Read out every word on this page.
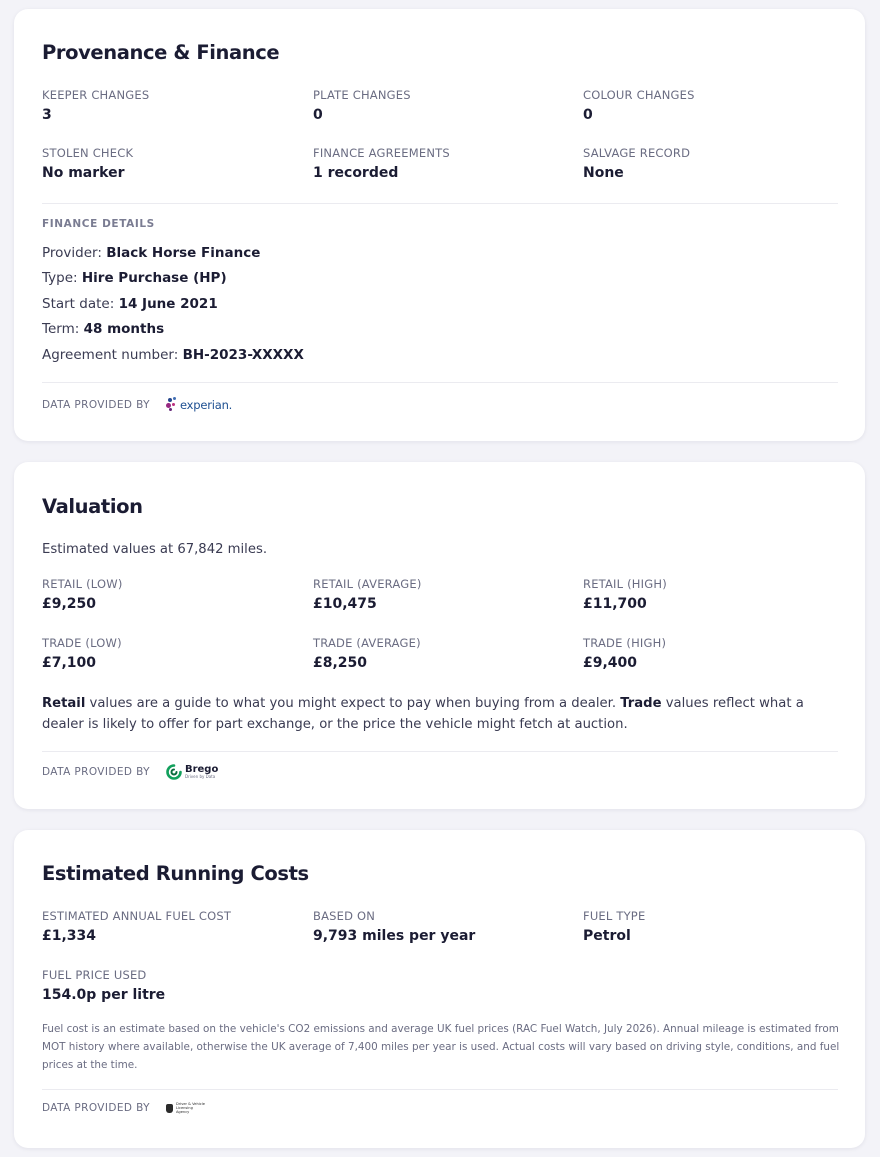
Provenance & Finance
KEEPER CHANGES
3
PLATE CHANGES
0
COLOUR CHANGES
0
STOLEN CHECK
No marker
FINANCE AGREEMENTS
1 recorded
SALVAGE RECORD
None
FINANCE DETAILS
Provider: Black Horse Finance
Type: Hire Purchase (HP)
Start date: 14 June 2021
Term: 48 months
Agreement number: BH-2023-XXXXX
DATA PROVIDED BY	experian.
Valuation
Estimated values at 67,842 miles.
RETAIL (LOW)
£9,250
RETAIL (AVERAGE)
£10,475
RETAIL (HIGH)
£11,700
TRADE (LOW)
£7,100
TRADE (AVERAGE)
£8,250
TRADE (HIGH)
£9,400
Retail values are a guide to what you might expect to pay when buying from a dealer. Trade values reflect what a dealer is likely to offer for part exchange, or the price the vehicle might fetch at auction.
DATA PROVIDED BY	Brego
Driven by Data
Estimated Running Costs
ESTIMATED ANNUAL FUEL COST
£1,334
BASED ON
9,793 miles per year
FUEL TYPE
Petrol
FUEL PRICE USED
154.0p per litre
Fuel cost is an estimate based on the vehicle's CO2 emissions and average UK fuel prices (RAC Fuel Watch, July 2026). Annual mileage is estimated from MOT history where available, otherwise the UK average of 7,400 miles per year is used. Actual costs will vary based on driving style, conditions, and fuel prices at the time.
DATA PROVIDED BY	Driver & Vehicle
Licensing
Agency
